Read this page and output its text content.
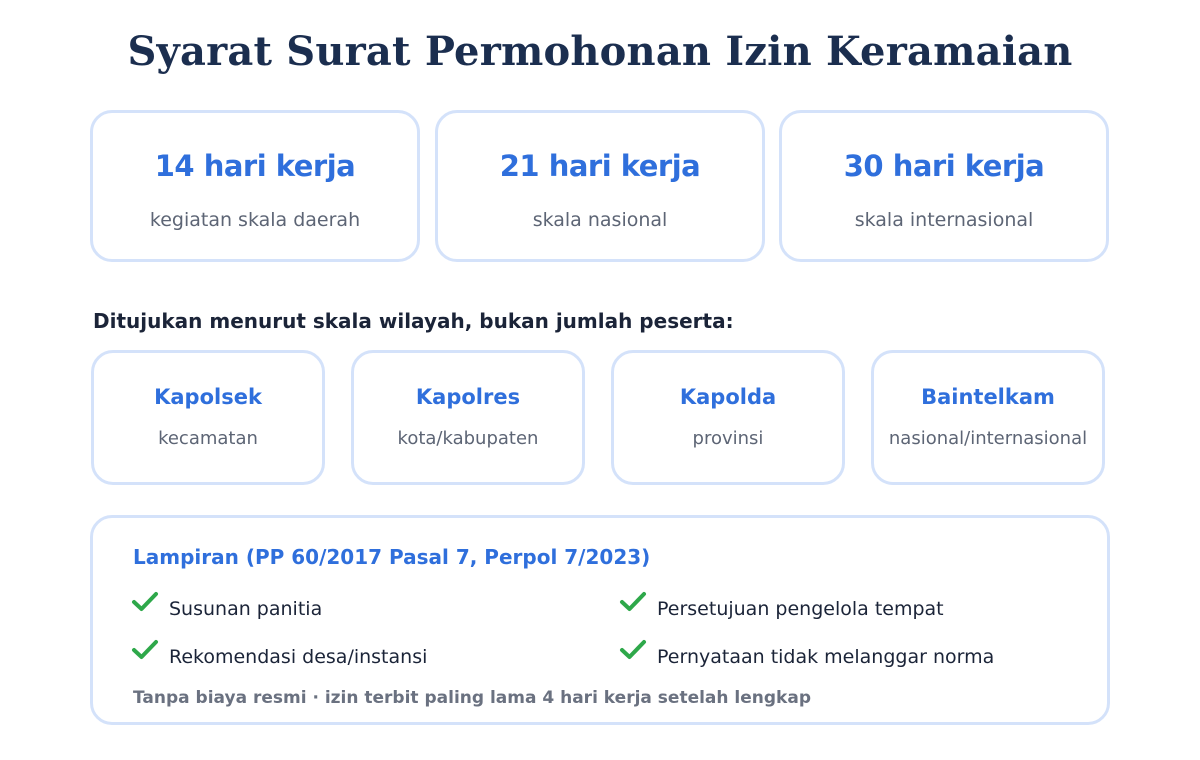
Syarat Surat Permohonan Izin Keramaian
14 hari kerja
kegiatan skala daerah
21 hari kerja
skala nasional
30 hari kerja
skala internasional
Ditujukan menurut skala wilayah, bukan jumlah peserta:
Kapolsek
kecamatan
Kapolres
kota/kabupaten
Kapolda
provinsi
Baintelkam
nasional/internasional
Lampiran (PP 60/2017 Pasal 7, Perpol 7/2023)
Susunan panitia	Persetujuan pengelola tempat
Rekomendasi desa/instansi	Pernyataan tidak melanggar norma
Tanpa biaya resmi · izin terbit paling lama 4 hari kerja setelah lengkap
